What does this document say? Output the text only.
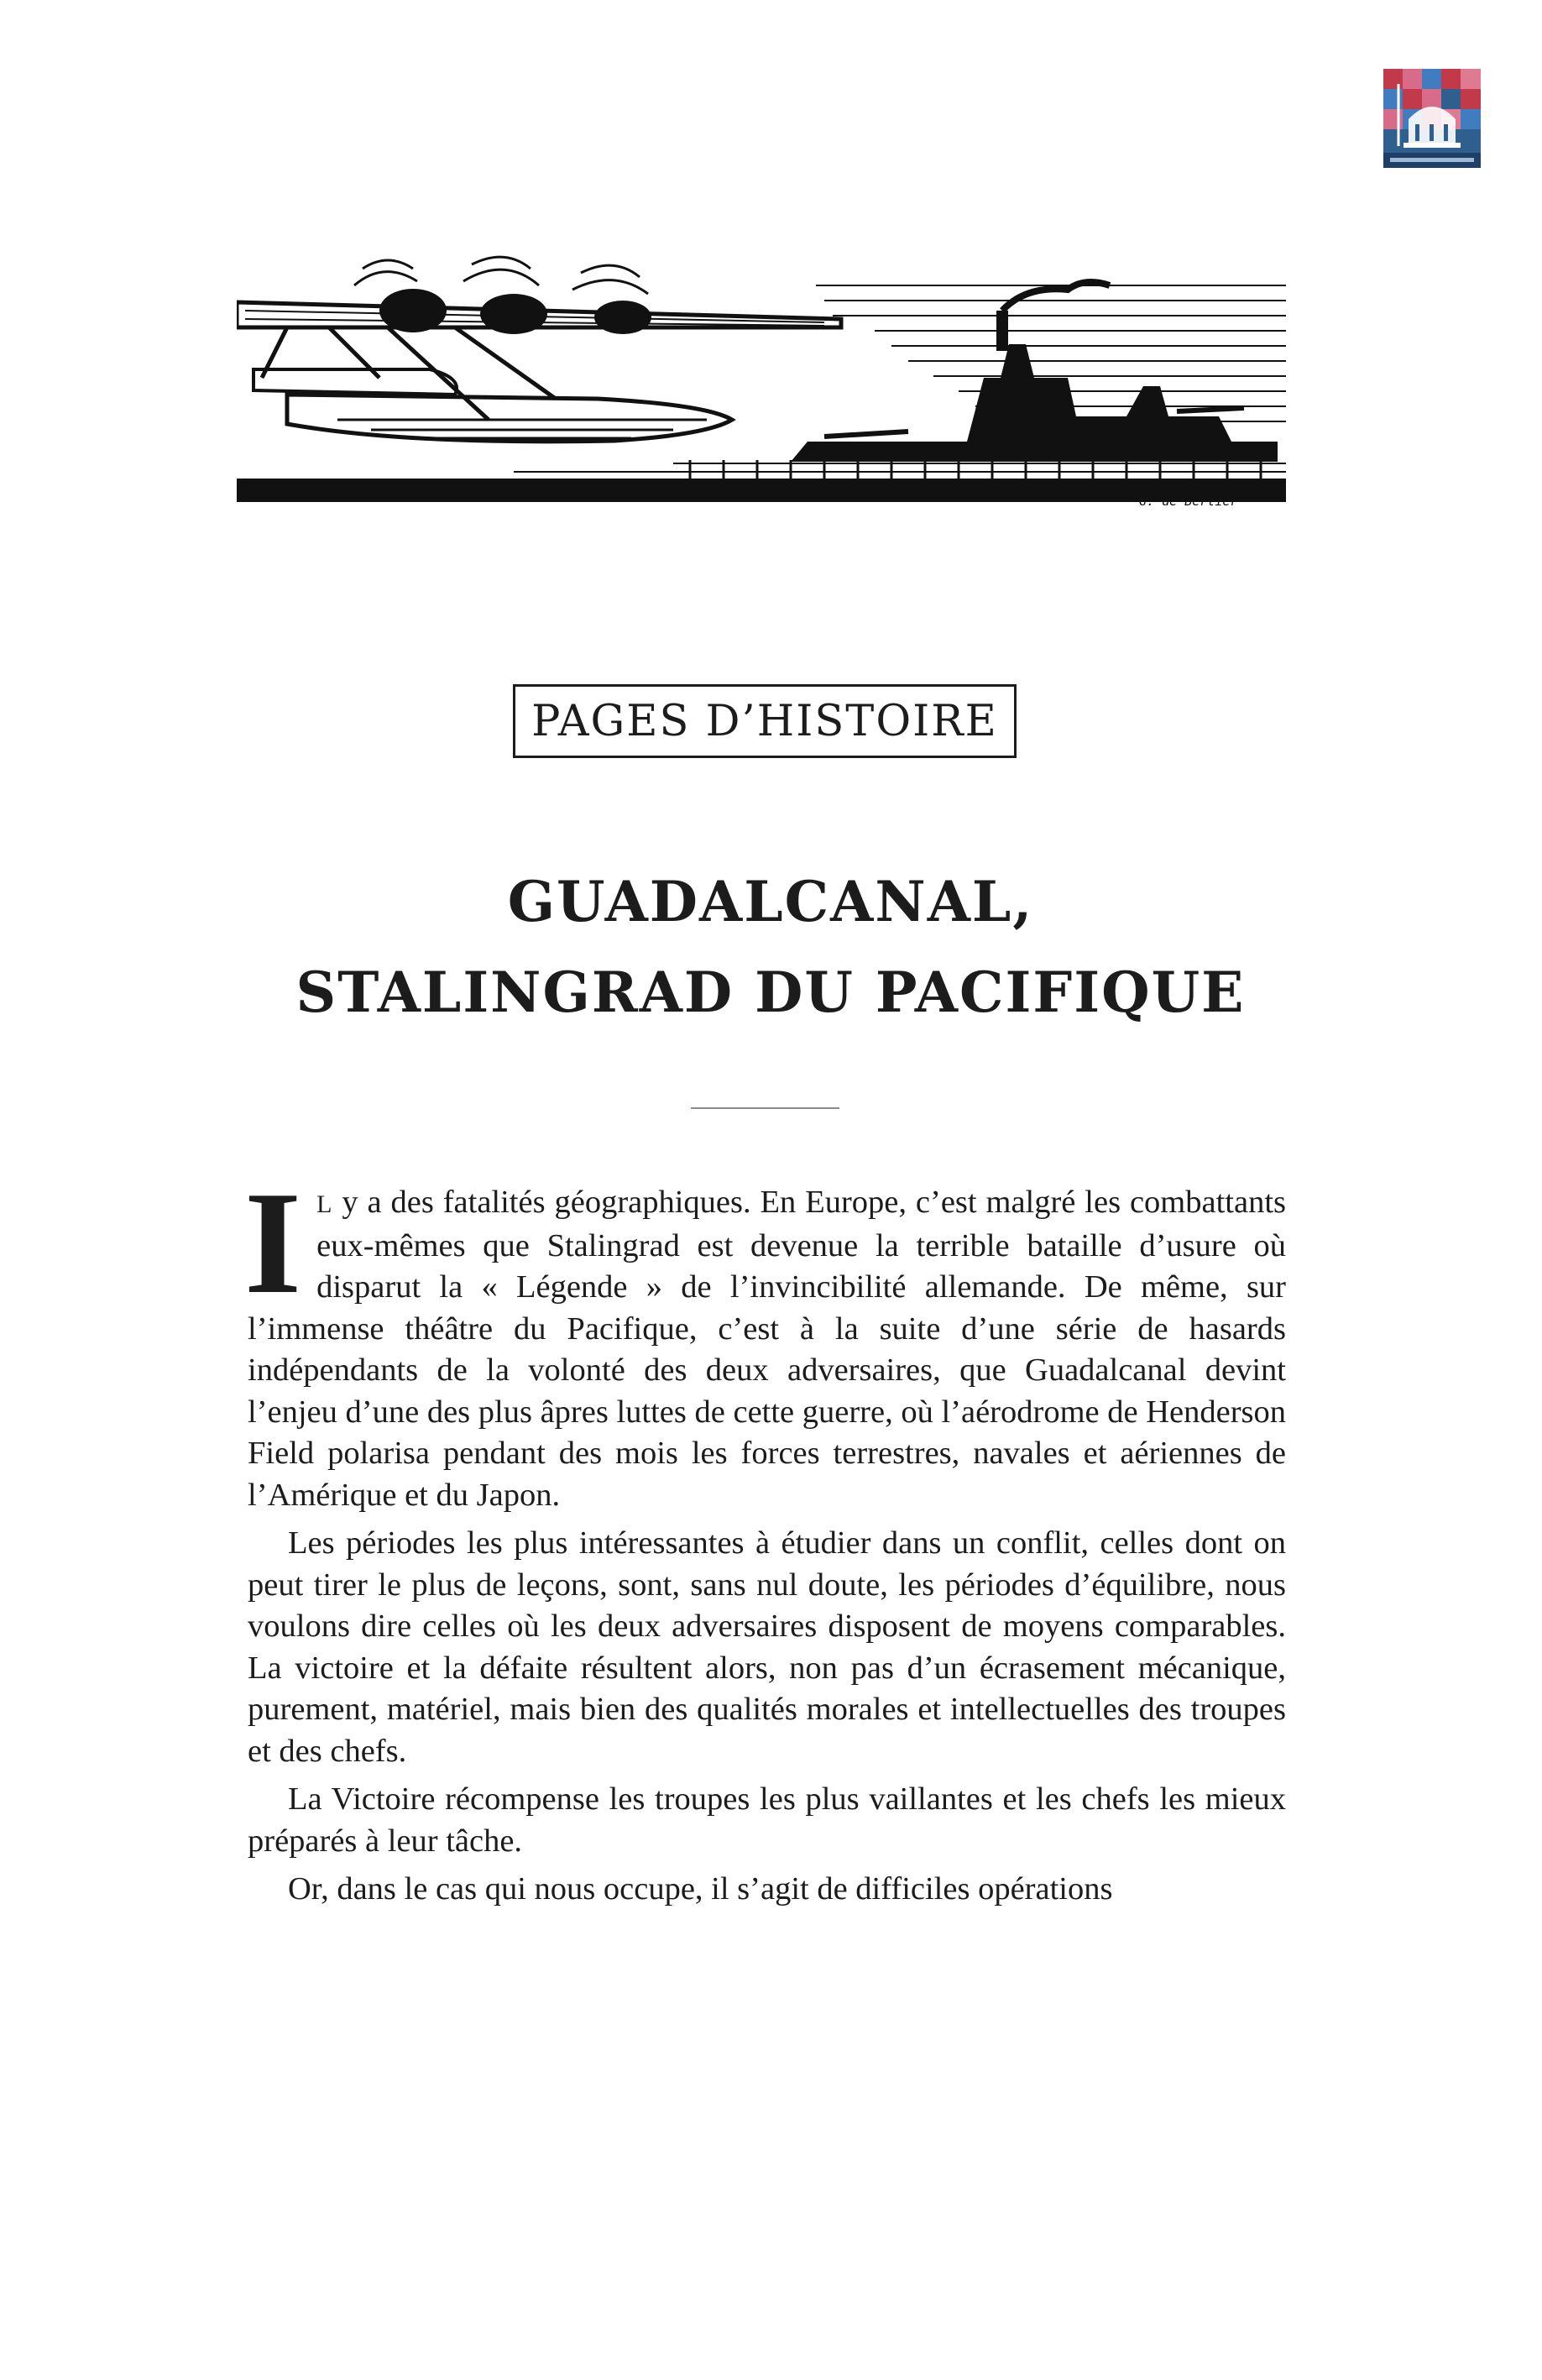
G. de Bertier
PAGES D’HISTOIRE
GUADALCANAL,
STALINGRAD DU PACIFIQUE

I L y a des fatalités géographiques. En Europe, c’est malgré les combattants eux-mêmes que Stalingrad est devenue la terrible bataille d’usure où disparut la « Légende » de l’invincibilité allemande. De même, sur l’immense théâtre du Pacifique, c’est à la suite d’une série de hasards indépendants de la volonté des deux adversaires, que Guadalcanal devint l’enjeu d’une des plus âpres luttes de cette guerre, où l’aérodrome de Henderson Field polarisa pendant des mois les forces terrestres, navales et aériennes de l’Amérique et du Japon.

Les périodes les plus intéressantes à étudier dans un conflit, celles dont on peut tirer le plus de leçons, sont, sans nul doute, les périodes d’équilibre, nous voulons dire celles où les deux adversaires disposent de moyens comparables. La victoire et la défaite résultent alors, non pas d’un écrasement mécanique, purement, matériel, mais bien des qualités morales et intellectuelles des troupes et des chefs.

La Victoire récompense les troupes les plus vaillantes et les chefs les mieux préparés à leur tâche.

Or, dans le cas qui nous occupe, il s’agit de difficiles opérations
